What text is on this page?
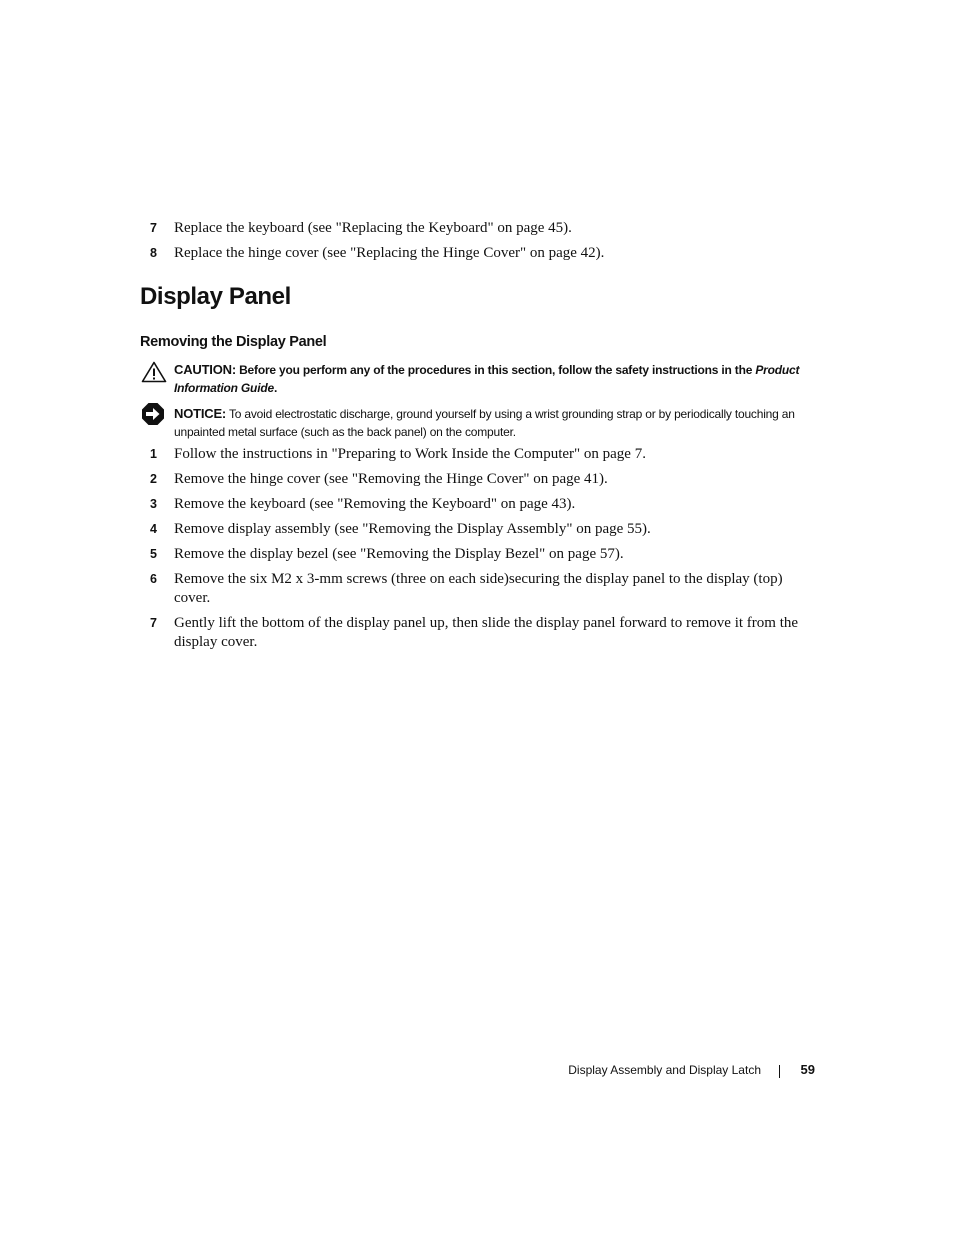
7	Replace the keyboard (see "Replacing the Keyboard" on page 45).
8	Replace the hinge cover (see "Replacing the Hinge Cover" on page 42).
Display Panel
Removing the Display Panel
CAUTION: Before you perform any of the procedures in this section, follow the safety instructions in the Product Information Guide.
NOTICE: To avoid electrostatic discharge, ground yourself by using a wrist grounding strap or by periodically touching an unpainted metal surface (such as the back panel) on the computer.
1	Follow the instructions in "Preparing to Work Inside the Computer" on page 7.
2	Remove the hinge cover (see "Removing the Hinge Cover" on page 41).
3	Remove the keyboard (see "Removing the Keyboard" on page 43).
4	Remove display assembly (see "Removing the Display Assembly" on page 55).
5	Remove the display bezel (see "Removing the Display Bezel" on page 57).
6	Remove the six M2 x 3-mm screws (three on each side)securing the display panel to the display (top) cover.
7	Gently lift the bottom of the display panel up, then slide the display panel forward to remove it from the display cover.
Display Assembly and Display Latch	59
